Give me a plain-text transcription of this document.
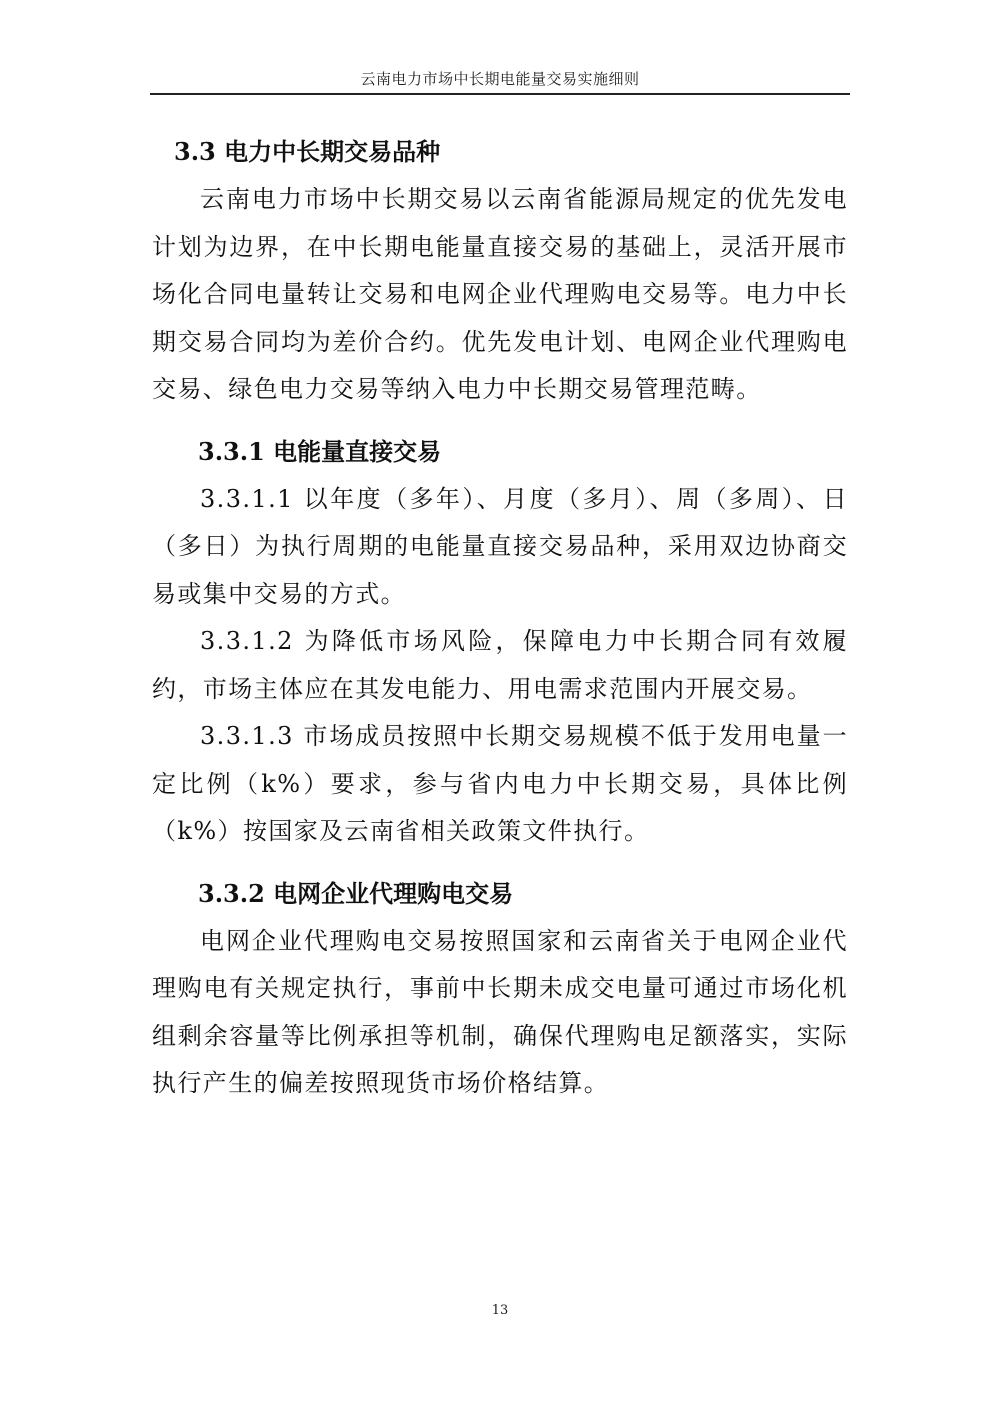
云南电力市场中长期电能量交易实施细则
3.3 电力中长期交易品种

云南电力市场中长期交易以云南省能源局规定的优先发电计划为边界，在中长期电能量直接交易的基础上，灵活开展市场化合同电量转让交易和电网企业代理购电交易等。电力中长期交易合同均为差价合约。优先发电计划、电网企业代理购电交易、绿色电力交易等纳入电力中长期交易管理范畴。

3.3.1 电能量直接交易

3.3.1.1 以年度（多年）、月度（多月）、周（多周）、日（多日）为执行周期的电能量直接交易品种，采用双边协商交易或集中交易的方式。

3.3.1.2 为降低市场风险，保障电力中长期合同有效履约，市场主体应在其发电能力、用电需求范围内开展交易。

3.3.1.3 市场成员按照中长期交易规模不低于发用电量一定比例（k%）要求，参与省内电力中长期交易，具体比例（k%）按国家及云南省相关政策文件执行。

3.3.2 电网企业代理购电交易

电网企业代理购电交易按照国家和云南省关于电网企业代理购电有关规定执行，事前中长期未成交电量可通过市场化机组剩余容量等比例承担等机制，确保代理购电足额落实，实际执行产生的偏差按照现货市场价格结算。

13
